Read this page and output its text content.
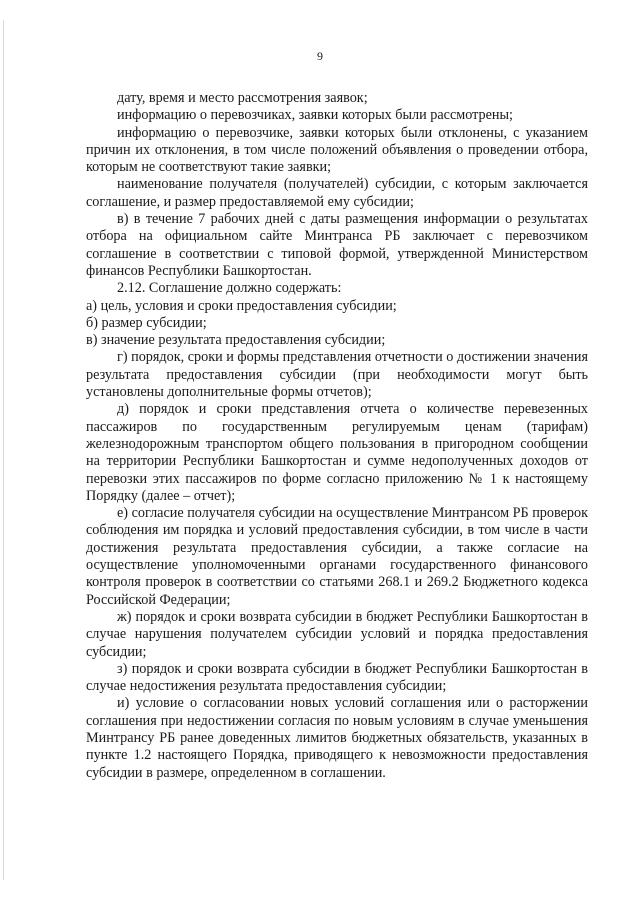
9

дату, время и место рассмотрения заявок;

информацию о перевозчиках, заявки которых были рассмотрены;

информацию о перевозчике, заявки которых были отклонены, с указанием причин их отклонения, в том числе положений объявления о проведении отбора, которым не соответствуют такие заявки;

наименование получателя (получателей) субсидии, с которым заключается соглашение, и размер предоставляемой ему субсидии;

в) в течение 7 рабочих дней с даты размещения информации о результатах отбора на официальном сайте Минтранса РБ заключает с перевозчиком соглашение в соответствии с типовой формой, утвержденной Министерством финансов Республики Башкортостан.

2.12. Соглашение должно содержать:

а) цель, условия и сроки предоставления субсидии;

б) размер субсидии;

в) значение результата предоставления субсидии;

г) порядок, сроки и формы представления отчетности о достижении значения результата предоставления субсидии (при необходимости могут быть установлены дополнительные формы отчетов);

д) порядок и сроки представления отчета о количестве перевезенных пассажиров по государственным регулируемым ценам (тарифам) железнодорожным транспортом общего пользования в пригородном сообщении на территории Республики Башкортостан и сумме недополученных доходов от перевозки этих пассажиров по форме согласно приложению № 1 к настоящему Порядку (далее – отчет);

е) согласие получателя субсидии на осуществление Минтрансом РБ проверок соблюдения им порядка и условий предоставления субсидии, в том числе в части достижения результата предоставления субсидии, а также согласие на осуществление уполномоченными органами государственного финансового контроля проверок в соответствии со статьями 268.1 и 269.2 Бюджетного кодекса Российской Федерации;

ж) порядок и сроки возврата субсидии в бюджет Республики Башкортостан в случае нарушения получателем субсидии условий и порядка предоставления субсидии;

з) порядок и сроки возврата субсидии в бюджет Республики Башкортостан в случае недостижения результата предоставления субсидии;

и) условие о согласовании новых условий соглашения или о расторжении соглашения при недостижении согласия по новым условиям в случае уменьшения Минтрансу РБ ранее доведенных лимитов бюджетных обязательств, указанных в пункте 1.2 настоящего Порядка, приводящего к невозможности предоставления субсидии в размере, определенном в соглашении.
